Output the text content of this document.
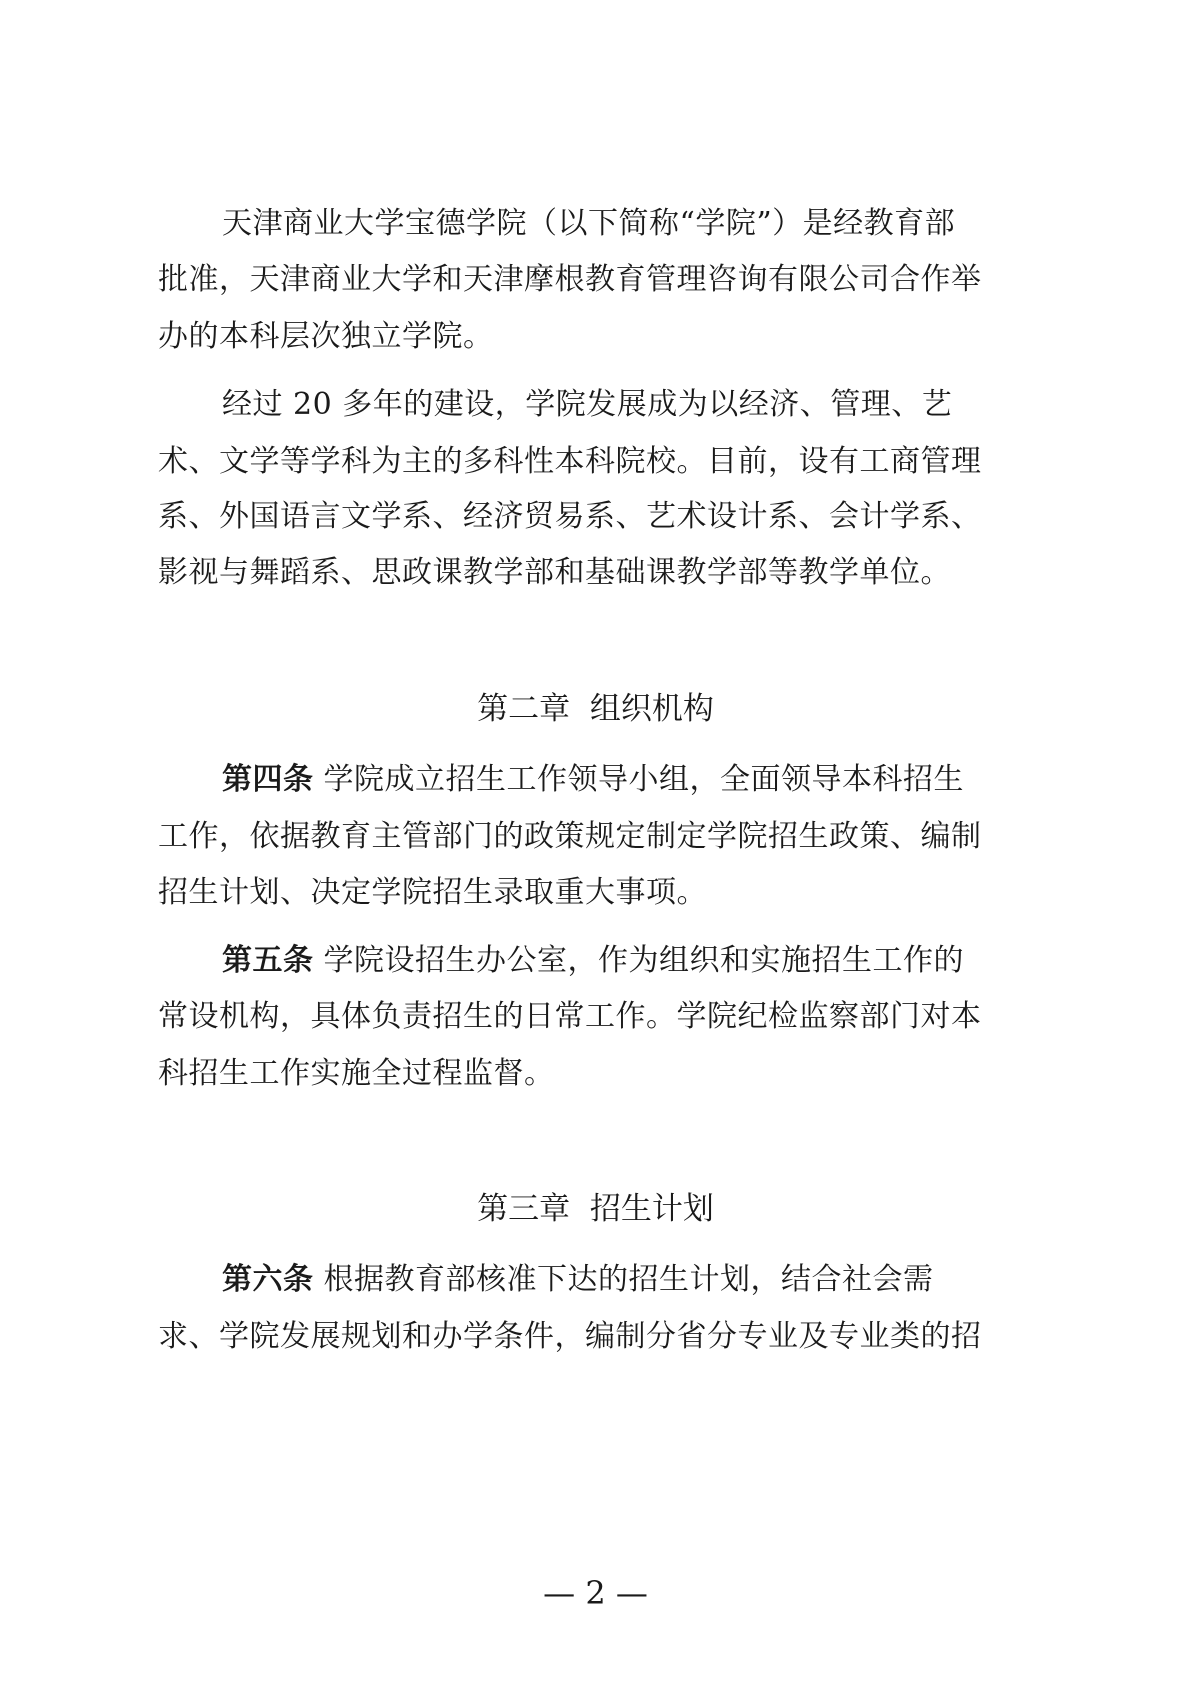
天津商业大学宝德学院（以下简称“学院”）是经教育部
批准，天津商业大学和天津摩根教育管理咨询有限公司合作举
办的本科层次独立学院。
经过 20 多年的建设，学院发展成为以经济、管理、艺
术、文学等学科为主的多科性本科院校。目前，设有工商管理
系、外国语言文学系、经济贸易系、艺术设计系、会计学系、
影视与舞蹈系、思政课教学部和基础课教学部等教学单位。
第二章  组织机构
第四条 学院成立招生工作领导小组，全面领导本科招生
工作，依据教育主管部门的政策规定制定学院招生政策、编制
招生计划、决定学院招生录取重大事项。
第五条 学院设招生办公室，作为组织和实施招生工作的
常设机构，具体负责招生的日常工作。学院纪检监察部门对本
科招生工作实施全过程监督。
第三章  招生计划
第六条 根据教育部核准下达的招生计划，结合社会需
求、学院发展规划和办学条件，编制分省分专业及专业类的招
— 2 —
